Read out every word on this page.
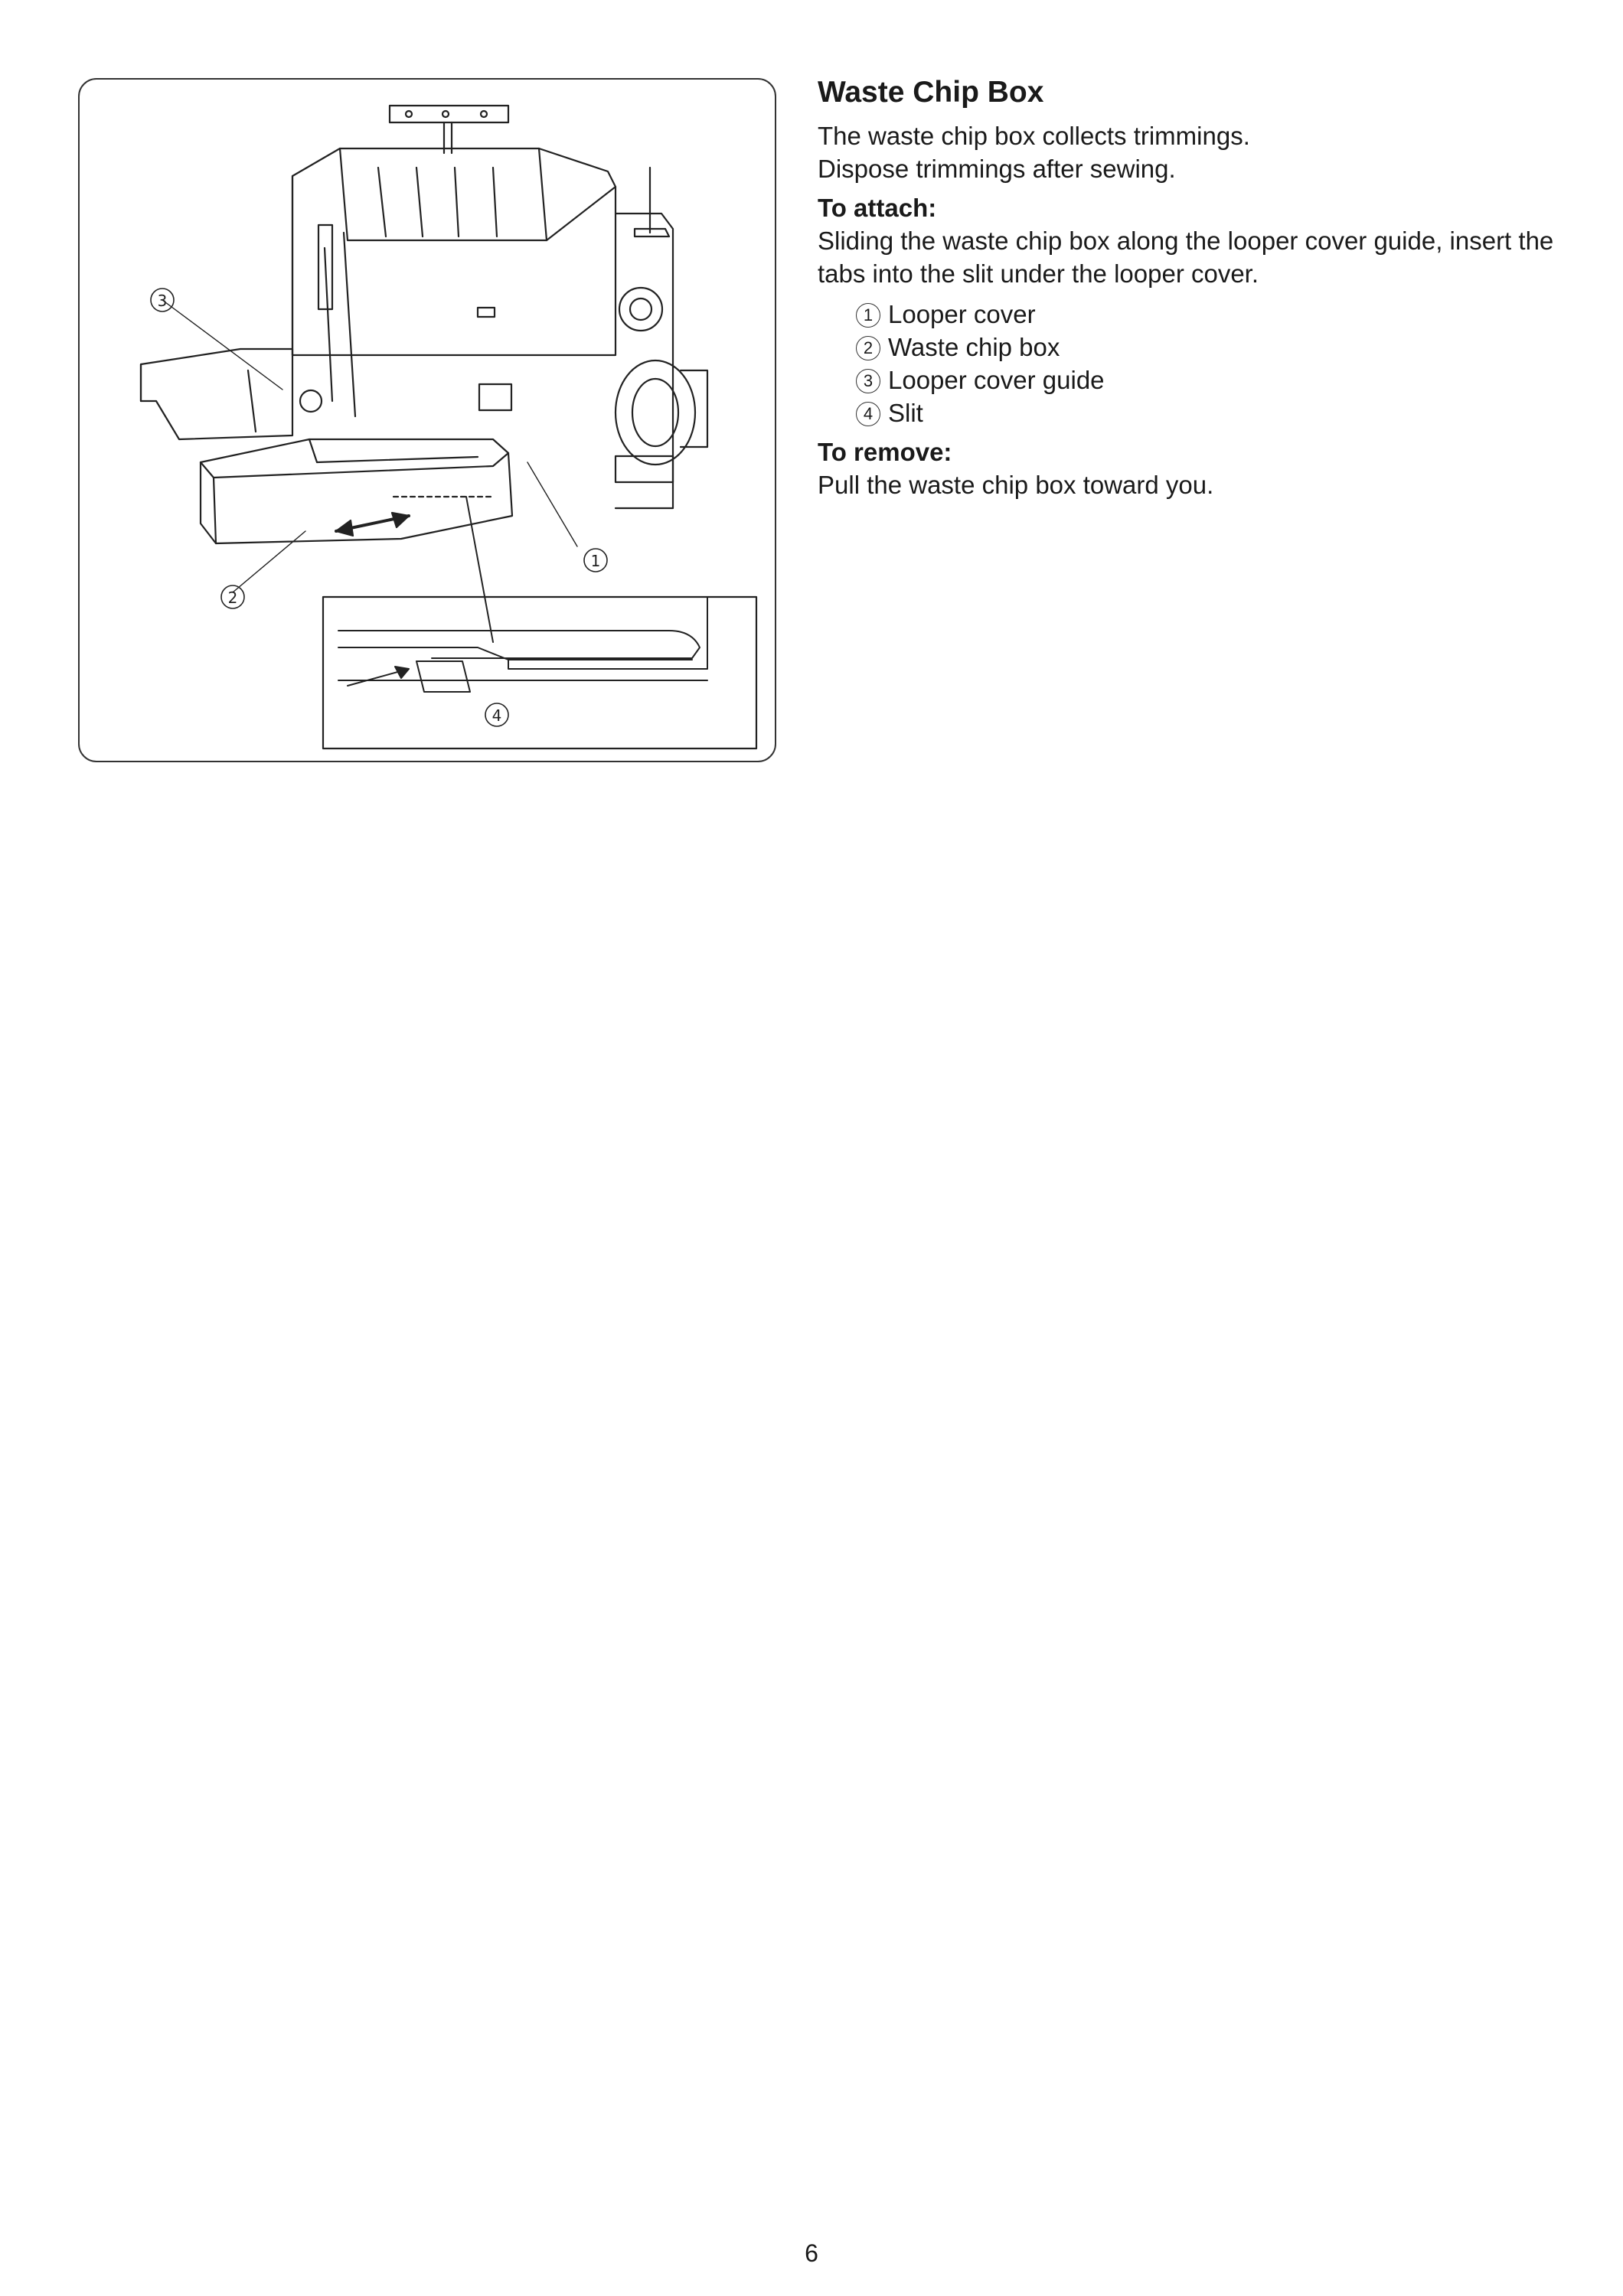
1
2
3
4
Waste Chip Box

The waste chip box collects trimmings.

Dispose trimmings after sewing.

To attach:

Sliding the waste chip box along the looper cover guide, insert the tabs into the slit under the looper cover.

1 Looper cover
2 Waste chip box
3 Looper cover guide
4 Slit

To remove:

Pull the waste chip box toward you.

6
